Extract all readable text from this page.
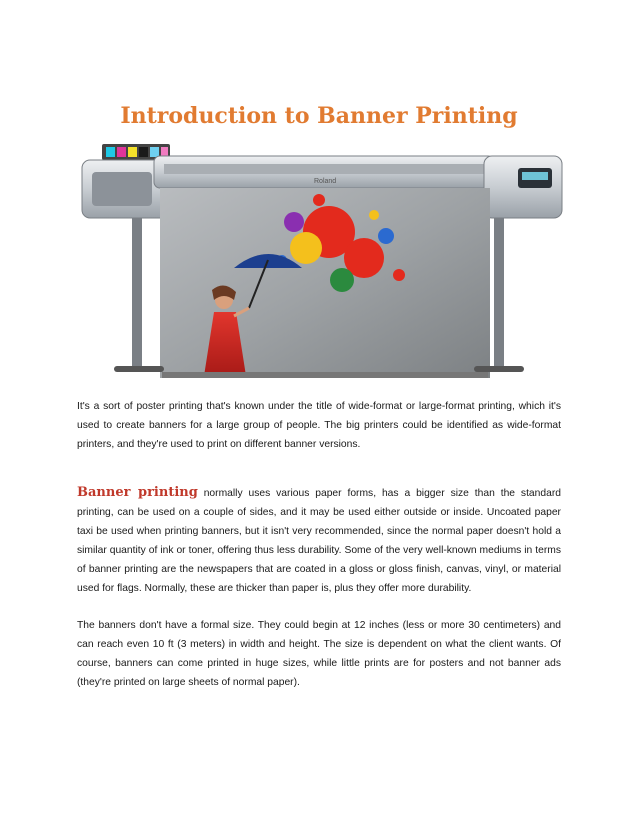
Introduction to Banner Printing
Roland

It's a sort of poster printing that's known under the title of wide-format or large-format printing, which it's used to create banners for a large group of people. The big printers could be identified as wide-format printers, and they're used to print on different banner versions.

Banner printing normally uses various paper forms, has a bigger size than the standard printing, can be used on a couple of sides, and it may be used either outside or inside. Uncoated paper taxi be used when printing banners, but it isn't very recommended, since the normal paper doesn't hold a similar quantity of ink or toner, offering thus less durability. Some of the very well-known mediums in terms of banner printing are the newspapers that are coated in a gloss or gloss finish, canvas, vinyl, or material used for flags. Normally, these are thicker than paper is, plus they offer more durability.

The banners don't have a formal size. They could begin at 12 inches (less or more 30 centimeters) and can reach even 10 ft (3 meters) in width and height. The size is dependent on what the client wants. Of course, banners can come printed in huge sizes, while little prints are for posters and not banner ads (they're printed on large sheets of normal paper).
